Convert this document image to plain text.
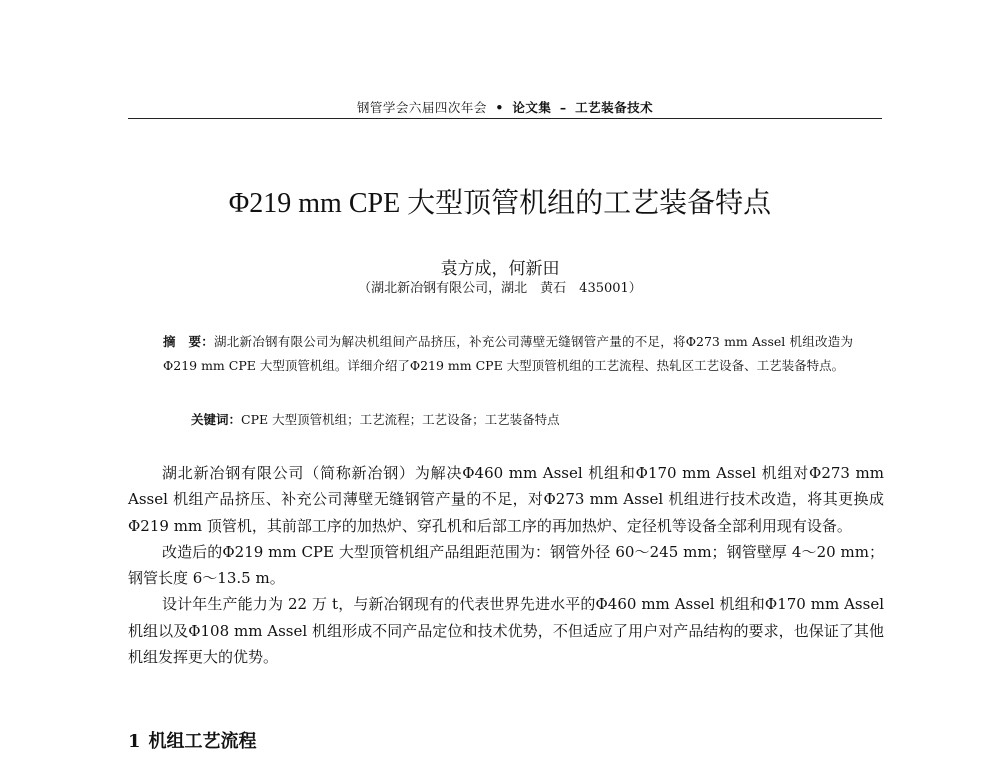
钢管学会六届四次年会 • 论文集 – 工艺装备技术
Φ219 mm CPE 大型顶管机组的工艺装备特点
袁方成，何新田
（湖北新冶钢有限公司，湖北　黄石　435001）
摘　要：湖北新冶钢有限公司为解决机组间产品挤压，补充公司薄壁无缝钢管产量的不足，将Φ273 mm Assel 机组改造为Φ219 mm CPE 大型顶管机组。详细介绍了Φ219 mm CPE 大型顶管机组的工艺流程、热轧区工艺设备、工艺装备特点。
关键词：CPE 大型顶管机组；工艺流程；工艺设备；工艺装备特点

湖北新冶钢有限公司（简称新冶钢）为解决Φ460 mm Assel 机组和Φ170 mm Assel 机组对Φ273 mm Assel 机组产品挤压、补充公司薄壁无缝钢管产量的不足，对Φ273 mm Assel 机组进行技术改造，将其更换成Φ219 mm 顶管机，其前部工序的加热炉、穿孔机和后部工序的再加热炉、定径机等设备全部利用现有设备。

改造后的Φ219 mm CPE 大型顶管机组产品组距范围为：钢管外径 60～245 mm；钢管壁厚 4～20 mm；钢管长度 6～13.5 m。

设计年生产能力为 22 万 t，与新冶钢现有的代表世界先进水平的Φ460 mm Assel 机组和Φ170 mm Assel 机组以及Φ108 mm Assel 机组形成不同产品定位和技术优势，不但适应了用户对产品结构的要求，也保证了其他机组发挥更大的优势。

1 机组工艺流程
